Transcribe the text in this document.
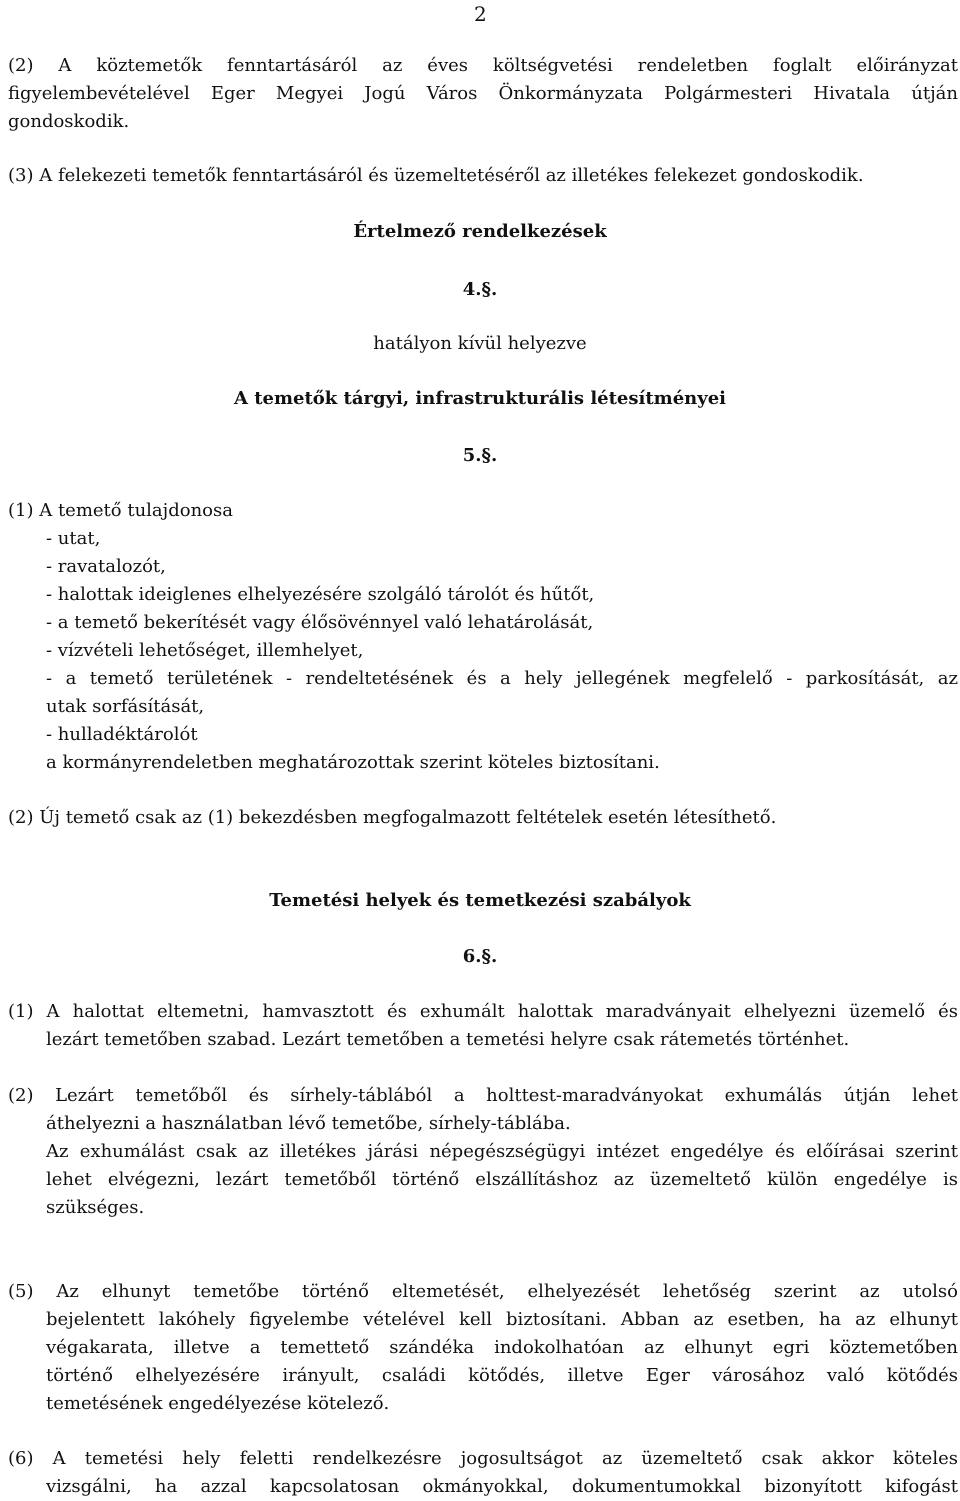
2
(2) A köztemetők fenntartásáról az éves költségvetési rendeletben foglalt előirányzat
figyelembevételével Eger Megyei Jogú Város Önkormányzata Polgármesteri Hivatala útján
gondoskodik.
(3) A felekezeti temetők fenntartásáról és üzemeltetéséről az illetékes felekezet gondoskodik.
Értelmező rendelkezések
4.§.
hatályon kívül helyezve
A temetők tárgyi, infrastrukturális létesítményei
5.§.
(1) A temető tulajdonosa
- utat,
- ravatalozót,
- halottak ideiglenes elhelyezésére szolgáló tárolót és hűtőt,
- a temető bekerítését vagy élősövénnyel való lehatárolását,
- vízvételi lehetőséget, illemhelyet,
- a temető területének - rendeltetésének és a hely jellegének megfelelő - parkosítását, az
utak sorfásítását,
- hulladéktárolót
a kormányrendeletben meghatározottak szerint köteles biztosítani.
(2) Új temető csak az (1) bekezdésben megfogalmazott feltételek esetén létesíthető.
Temetési helyek és temetkezési szabályok
6.§.
(1) A halottat eltemetni, hamvasztott és exhumált halottak maradványait elhelyezni üzemelő és
lezárt temetőben szabad. Lezárt temetőben a temetési helyre csak rátemetés történhet.
(2) Lezárt temetőből és sírhely-táblából a holttest-maradványokat exhumálás útján lehet
áthelyezni a használatban lévő temetőbe, sírhely-táblába.
Az exhumálást csak az illetékes járási népegészségügyi intézet engedélye és előírásai szerint
lehet elvégezni, lezárt temetőből történő elszállításhoz az üzemeltető külön engedélye is
szükséges.
(5) Az elhunyt temetőbe történő eltemetését, elhelyezését lehetőség szerint az utolsó
bejelentett lakóhely figyelembe vételével kell biztosítani. Abban az esetben, ha az elhunyt
végakarata, illetve a temettető szándéka indokolhatóan az elhunyt egri köztemetőben
történő elhelyezésére irányult, családi kötődés, illetve Eger városához való kötődés
temetésének engedélyezése kötelező.
(6) A temetési hely feletti rendelkezésre jogosultságot az üzemeltető csak akkor köteles
vizsgálni, ha azzal kapcsolatosan okmányokkal, dokumentumokkal bizonyított kifogást
